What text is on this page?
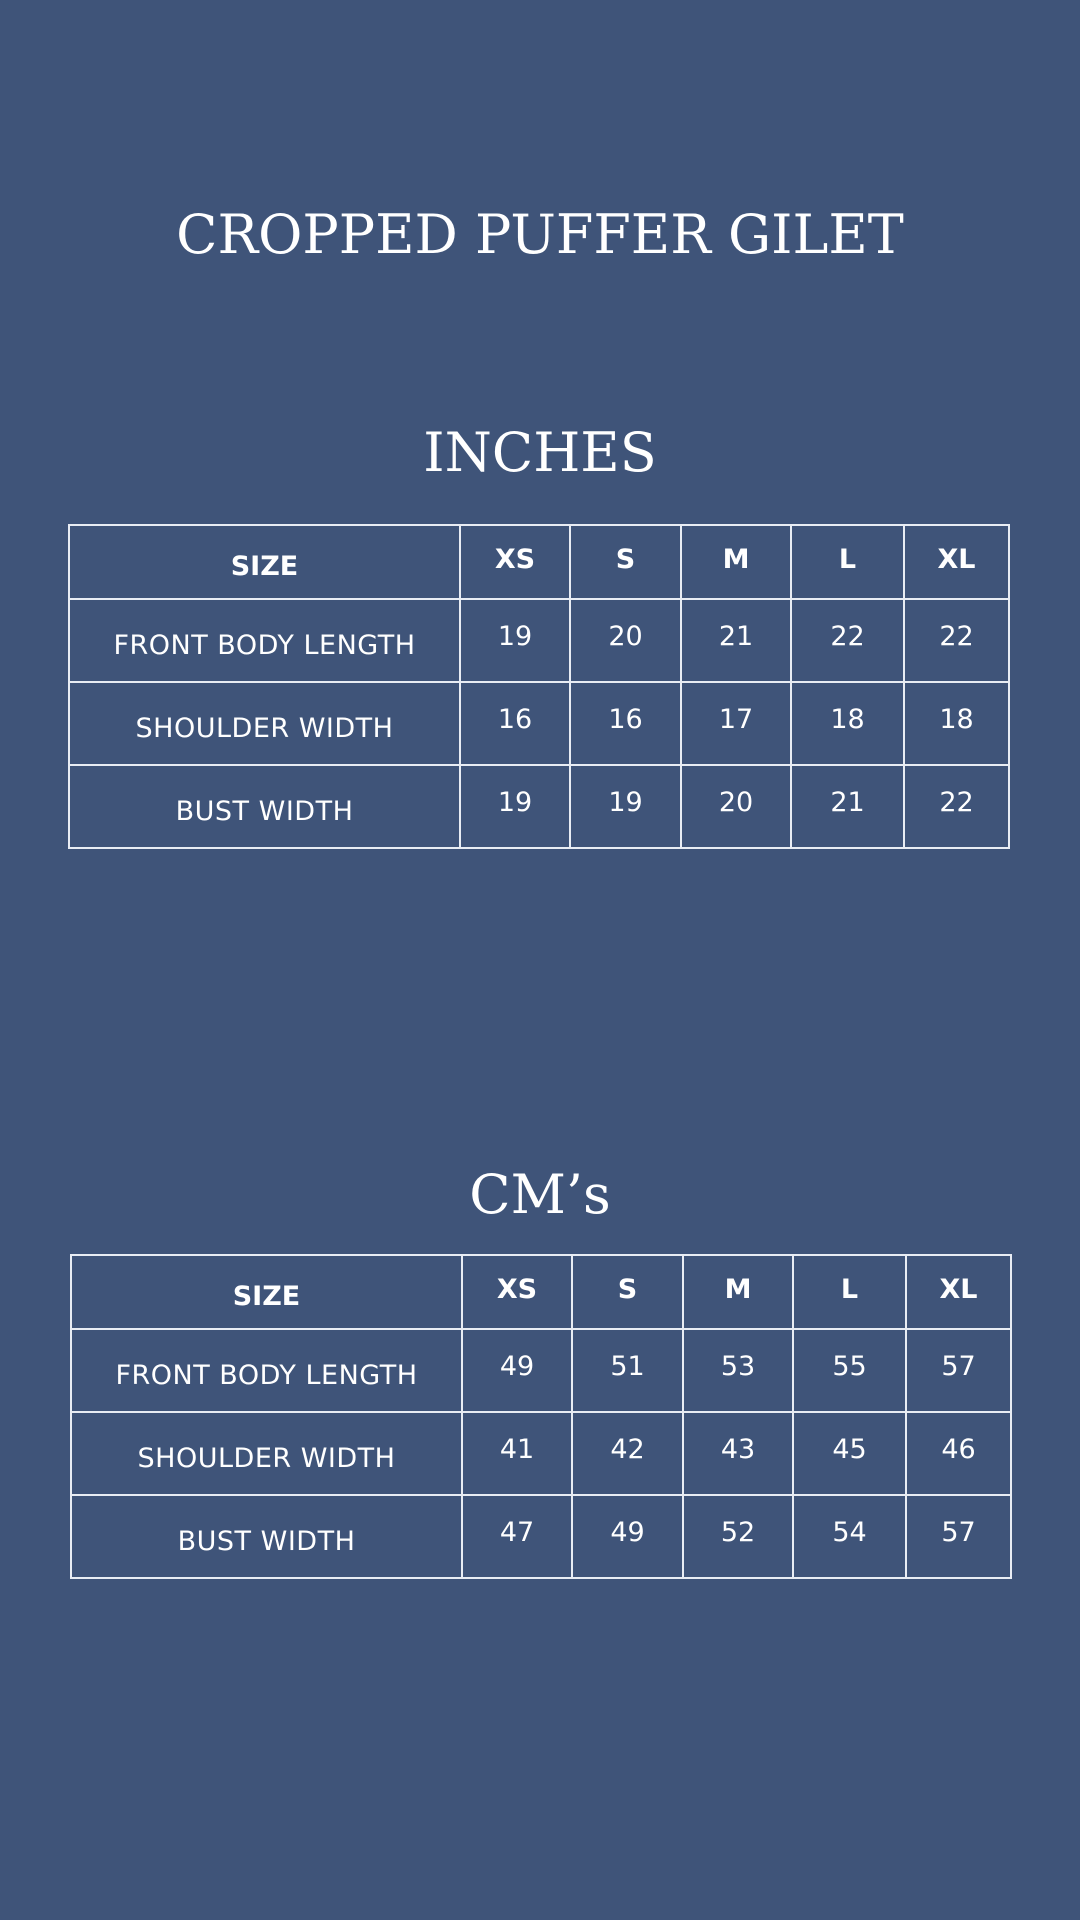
CROPPED PUFFER GILET
INCHES
SIZE	XS	S	M	L	XL
FRONT BODY LENGTH	19	20	21	22	22
SHOULDER WIDTH	16	16	17	18	18
BUST WIDTH	19	19	20	21	22
CM’s
SIZE	XS	S	M	L	XL
FRONT BODY LENGTH	49	51	53	55	57
SHOULDER WIDTH	41	42	43	45	46
BUST WIDTH	47	49	52	54	57
